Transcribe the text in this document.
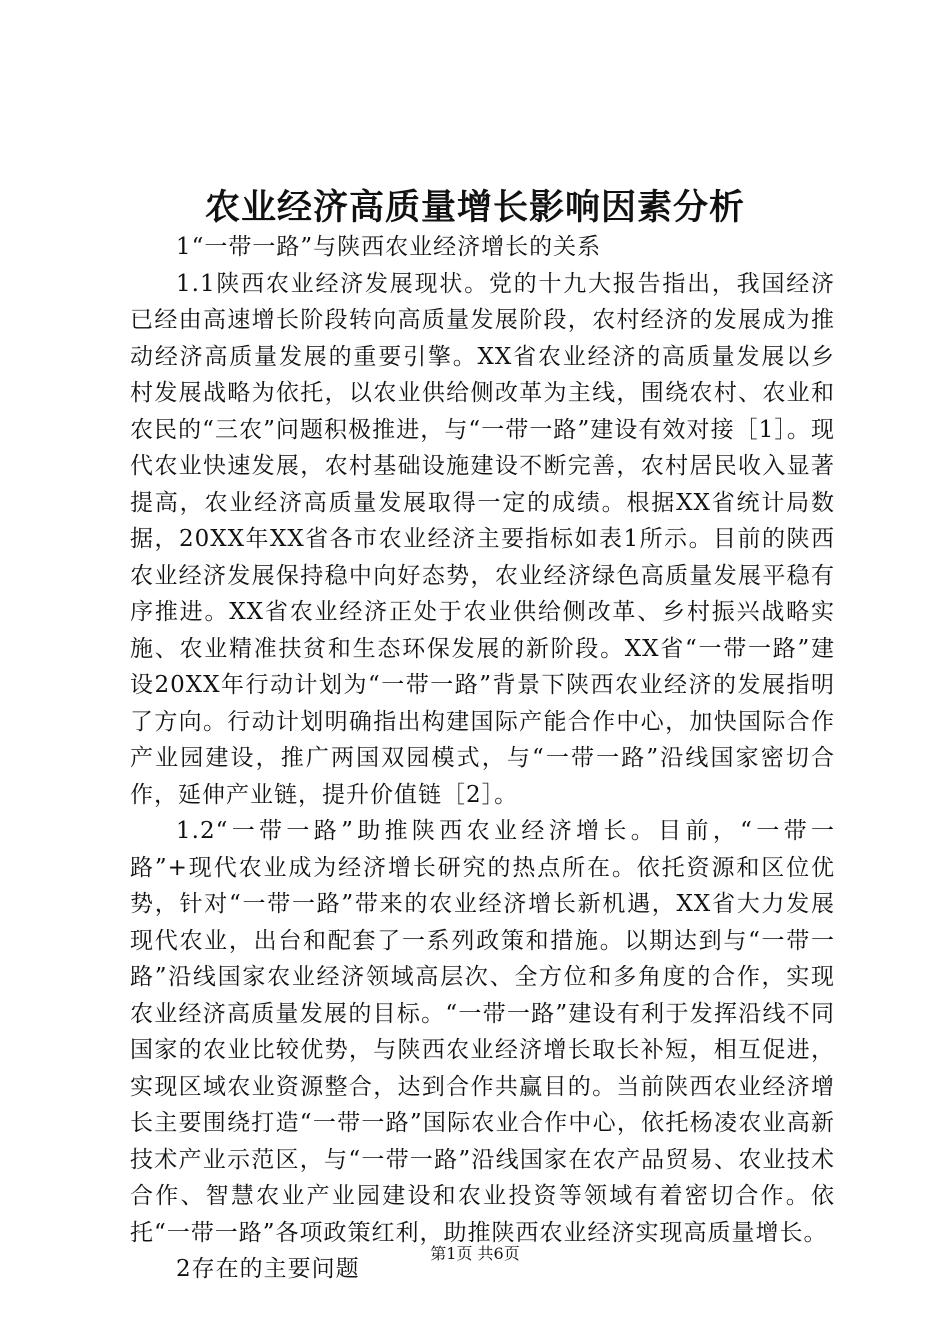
农业经济高质量增长影响因素分析

1“一带一路”与陕西农业经济增长的关系

1.1陕西农业经济发展现状。党的十九大报告指出，我国经济已经由高速增长阶段转向高质量发展阶段，农村经济的发展成为推动经济高质量发展的重要引擎。XX省农业经济的高质量发展以乡村发展战略为依托，以农业供给侧改革为主线，围绕农村、农业和农民的“三农”问题积极推进，与“一带一路”建设有效对接［1］。现代农业快速发展，农村基础设施建设不断完善，农村居民收入显著提高，农业经济高质量发展取得一定的成绩。根据XX省统计局数据，20XX年XX省各市农业经济主要指标如表1所示。目前的陕西农业经济发展保持稳中向好态势，农业经济绿色高质量发展平稳有序推进。XX省农业经济正处于农业供给侧改革、乡村振兴战略实施、农业精准扶贫和生态环保发展的新阶段。XX省“一带一路”建设20XX年行动计划为“一带一路”背景下陕西农业经济的发展指明了方向。行动计划明确指出构建国际产能合作中心，加快国际合作产业园建设，推广两国双园模式，与“一带一路”沿线国家密切合作，延伸产业链，提升价值链［2］。

1.2“一带一路”助推陕西农业经济增长。目前，“一带一路”+现代农业成为经济增长研究的热点所在。依托资源和区位优势，针对“一带一路”带来的农业经济增长新机遇，XX省大力发展现代农业，出台和配套了一系列政策和措施。以期达到与“一带一路”沿线国家农业经济领域高层次、全方位和多角度的合作，实现农业经济高质量发展的目标。“一带一路”建设有利于发挥沿线不同国家的农业比较优势，与陕西农业经济增长取长补短，相互促进，实现区域农业资源整合，达到合作共赢目的。当前陕西农业经济增长主要围绕打造“一带一路”国际农业合作中心，依托杨凌农业高新技术产业示范区，与“一带一路”沿线国家在农产品贸易、农业技术合作、智慧农业产业园建设和农业投资等领域有着密切合作。依托“一带一路”各项政策红利，助推陕西农业经济实现高质量增长。

2存在的主要问题

第1页 共6页
